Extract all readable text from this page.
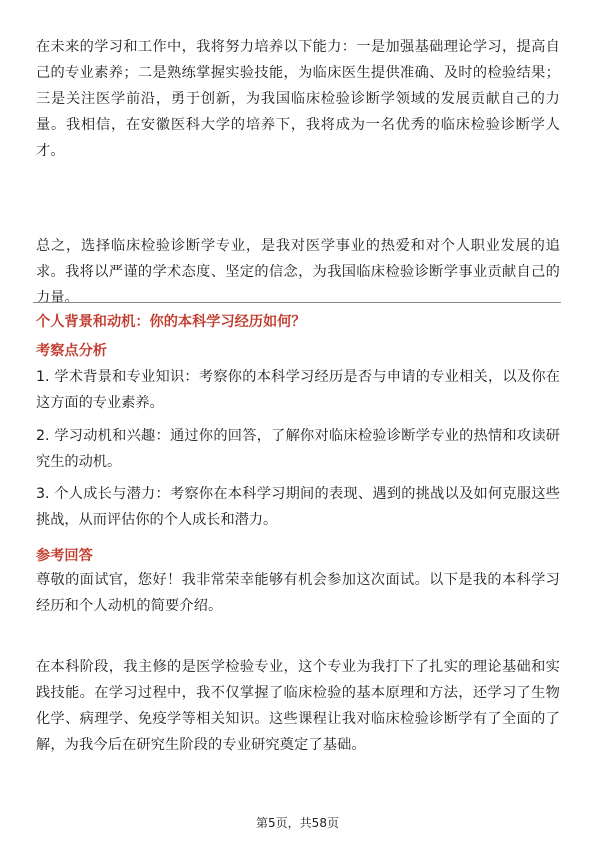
在未来的学习和工作中，我将努力培养以下能力：一是加强基础理论学习，提高自己的专业素养；二是熟练掌握实验技能，为临床医生提供准确、及时的检验结果；三是关注医学前沿，勇于创新，为我国临床检验诊断学领域的发展贡献自己的力量。我相信，在安徽医科大学的培养下，我将成为一名优秀的临床检验诊断学人才。

总之，选择临床检验诊断学专业，是我对医学事业的热爱和对个人职业发展的追求。我将以严谨的学术态度、坚定的信念，为我国临床检验诊断学事业贡献自己的力量。

个人背景和动机：你的本科学习经历如何？

考察点分析

1. 学术背景和专业知识：考察你的本科学习经历是否与申请的专业相关，以及你在这方面的专业素养。

2. 学习动机和兴趣：通过你的回答，了解你对临床检验诊断学专业的热情和攻读研究生的动机。

3. 个人成长与潜力：考察你在本科学习期间的表现、遇到的挑战以及如何克服这些挑战，从而评估你的个人成长和潜力。

参考回答

尊敬的面试官，您好！我非常荣幸能够有机会参加这次面试。以下是我的本科学习经历和个人动机的简要介绍。

在本科阶段，我主修的是医学检验专业，这个专业为我打下了扎实的理论基础和实践技能。在学习过程中，我不仅掌握了临床检验的基本原理和方法，还学习了生物化学、病理学、免疫学等相关知识。这些课程让我对临床检验诊断学有了全面的了解，为我今后在研究生阶段的专业研究奠定了基础。

第5页，共58页
